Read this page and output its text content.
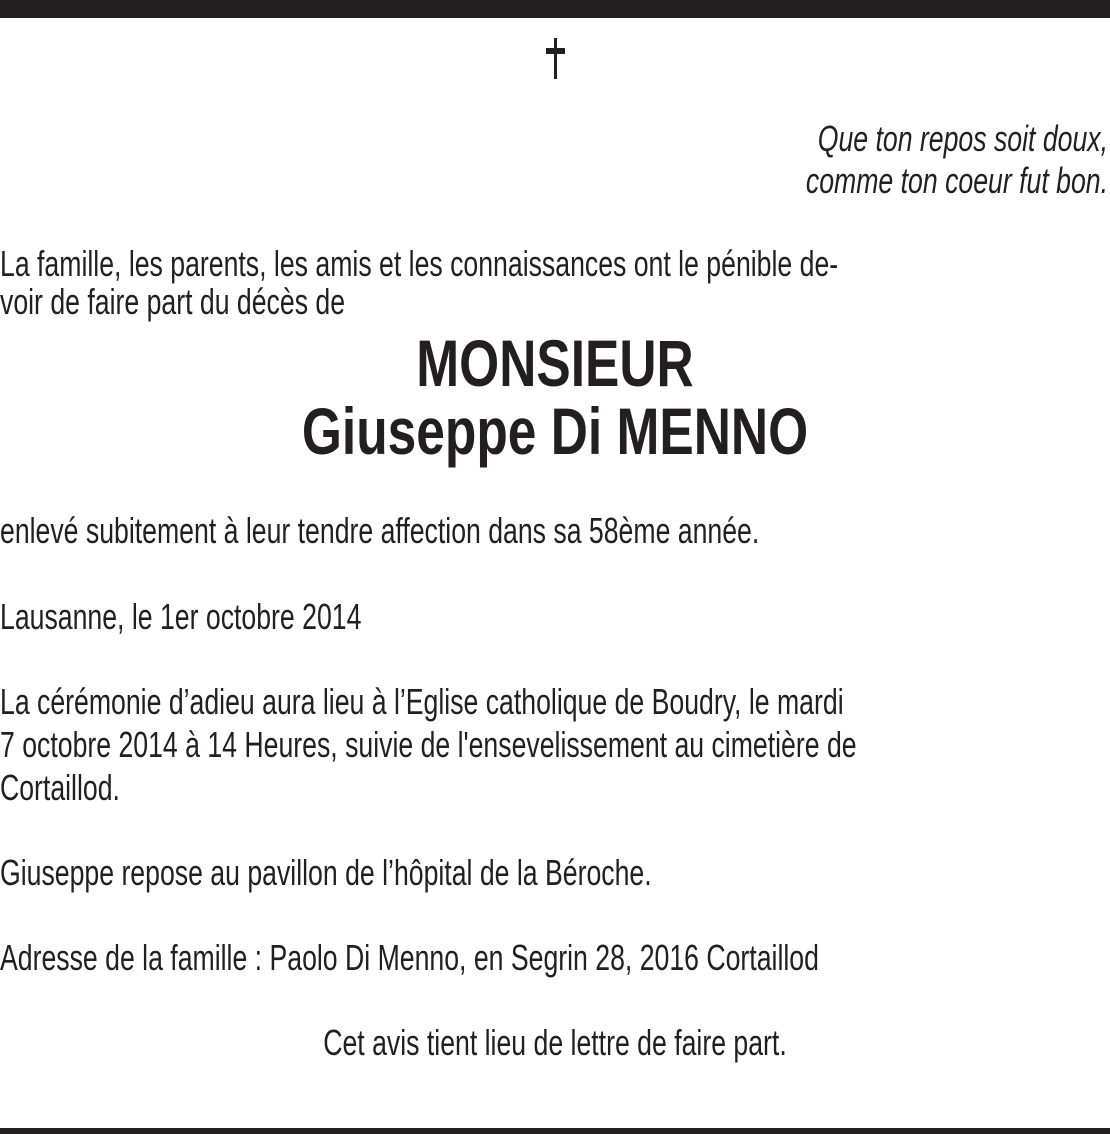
Que ton repos soit doux,
comme ton coeur fut bon.
La famille, les parents, les amis et les connaissances ont le pénible de-
voir de faire part du décès de
MONSIEUR
Giuseppe Di MENNO
enlevé subitement à leur tendre affection dans sa 58ème année.
Lausanne, le 1er octobre 2014
La cérémonie d’adieu aura lieu à l’Eglise catholique de Boudry, le mardi
7 octobre 2014 à 14 Heures, suivie de l'ensevelissement au cimetière de
Cortaillod.
Giuseppe repose au pavillon de l’hôpital de la Béroche.
Adresse de la famille : Paolo Di Menno, en Segrin 28, 2016 Cortaillod
Cet avis tient lieu de lettre de faire part.
